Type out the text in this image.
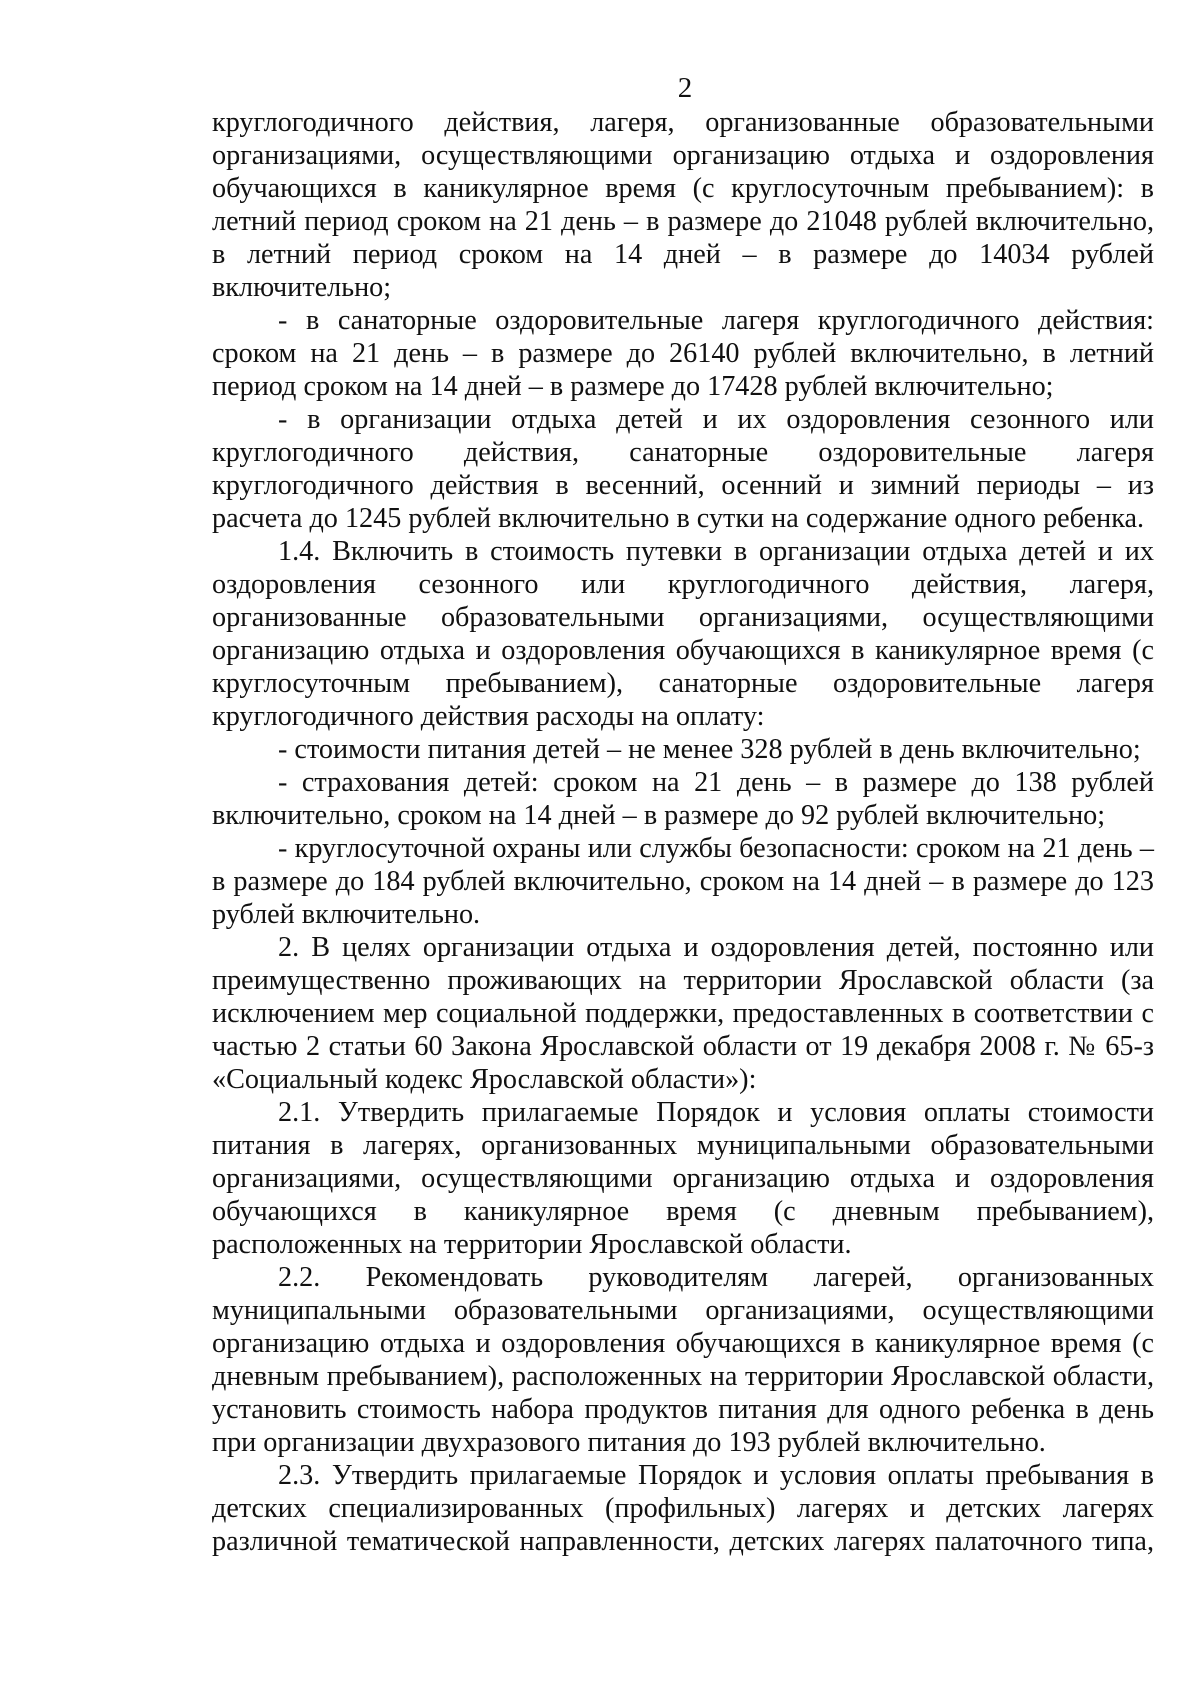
2

круглогодичного действия, лагеря, организованные образовательными организациями, осуществляющими организацию отдыха и оздоровления обучающихся в каникулярное время (с круглосуточным пребыванием): в летний период сроком на 21 день – в размере до 21048 рублей включительно, в летний период сроком на 14 дней – в размере до 14034 рублей включительно;

- в санаторные оздоровительные лагеря круглогодичного действия: сроком на 21 день – в размере до 26140 рублей включительно, в летний период сроком на 14 дней – в размере до 17428 рублей включительно;

- в организации отдыха детей и их оздоровления сезонного или круглогодичного действия, санаторные оздоровительные лагеря круглогодичного действия в весенний, осенний и зимний периоды – из расчета до 1245 рублей включительно в сутки на содержание одного ребенка.

1.4. Включить в стоимость путевки в организации отдыха детей и их оздоровления сезонного или круглогодичного действия, лагеря, организованные образовательными организациями, осуществляющими организацию отдыха и оздоровления обучающихся в каникулярное время (с круглосуточным пребыванием), санаторные оздоровительные лагеря круглогодичного действия расходы на оплату:

- стоимости питания детей – не менее 328 рублей в день включительно;

- страхования детей: сроком на 21 день – в размере до 138 рублей включительно, сроком на 14 дней – в размере до 92 рублей включительно;

- круглосуточной охраны или службы безопасности: сроком на 21 день – в размере до 184 рублей включительно, сроком на 14 дней – в размере до 123 рублей включительно.

2. В целях организации отдыха и оздоровления детей, постоянно или преимущественно проживающих на территории Ярославской области (за исключением мер социальной поддержки, предоставленных в соответствии с частью 2 статьи 60 Закона Ярославской области от 19 декабря 2008 г. № 65-з «Социальный кодекс Ярославской области»):

2.1. Утвердить прилагаемые Порядок и условия оплаты стоимости питания в лагерях, организованных муниципальными образовательными организациями, осуществляющими организацию отдыха и оздоровления обучающихся в каникулярное время (с дневным пребыванием), расположенных на территории Ярославской области.

2.2. Рекомендовать руководителям лагерей, организованных муниципальными образовательными организациями, осуществляющими организацию отдыха и оздоровления обучающихся в каникулярное время (с дневным пребыванием), расположенных на территории Ярославской области, установить стоимость набора продуктов питания для одного ребенка в день при организации двухразового питания до 193 рублей включительно.

2.3. Утвердить прилагаемые Порядок и условия оплаты пребывания в детских специализированных (профильных) лагерях и детских лагерях различной тематической направленности, детских лагерях палаточного типа,
